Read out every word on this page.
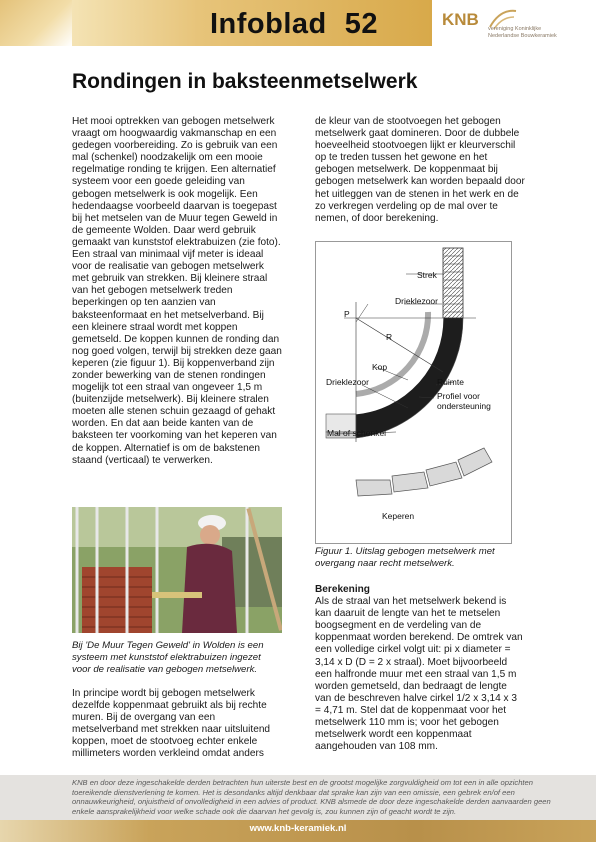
Infoblad 52	KNB vereniging Koninklijke
Nederlandse Bouwkeramiek
Rondingen in baksteenmetselwerk

Het mooi optrekken van gebogen metselwerk vraagt om hoogwaardig vakmanschap en een gedegen voorbereiding. Zo is gebruik van een mal (schenkel) noodzakelijk om een mooie regelmatige ronding te krijgen. Een alternatief systeem voor een goede geleiding van gebogen metselwerk is ook mogelijk. Een hedendaagse voorbeeld daarvan is toegepast bij het metselen van de Muur tegen Geweld in de gemeente Wolden. Daar werd gebruik gemaakt van kunststof elektrabuizen (zie foto). Een straal van minimaal vijf meter is ideaal voor de realisatie van gebogen metselwerk met gebruik van strekken. Bij kleinere straal van het gebogen metselwerk treden beperkingen op ten aanzien van baksteenformaat en het metselverband. Bij een kleinere straal wordt met koppen gemetseld. De koppen kunnen de ronding dan nog goed volgen, terwijl bij strekken deze gaan keperen (zie figuur 1). Bij koppenverband zijn zonder bewerking van de stenen rondingen mogelijk tot een straal van ongeveer 1,5 m (buitenzijde metselwerk). Bij kleinere stralen moeten alle stenen schuin gezaagd of gehakt worden. En dat aan beide kanten van de baksteen ter voorkoming van het keperen van de koppen. Alternatief is om de bakstenen staand (verticaal) te verwerken.

Bij 'De Muur Tegen Geweld' in Wolden is een systeem met kunststof elektrabuizen ingezet voor de realisatie van gebogen metselwerk.

In principe wordt bij gebogen metselwerk dezelfde koppenmaat gebruikt als bij rechte muren. Bij de overgang van een metselverband met strekken naar uitsluitend koppen, moet de stootvoeg echter enkele millimeters worden verkleind omdat anders

de kleur van de stootvoegen het gebogen metselwerk gaat domineren. Door de dubbele hoeveelheid stootvoegen lijkt er kleurverschil op te treden tussen het gewone en het gebogen metselwerk. De koppenmaat bij gebogen metselwerk kan worden bepaald door het uitleggen van de stenen in het werk en de zo verkregen verdeling op de mal over te nemen, of door berekening.

Strek
Drieklezoor
P
R
Kop
Drieklezoor	Ruimte
Profiel voor
ondersteuning
Mal of schenkel
Keperen
Figuur 1. Uitslag gebogen metselwerk met overgang naar recht metselwerk.
Berekening

Als de straal van het metselwerk bekend is kan daaruit de lengte van het te metselen boogsegment en de verdeling van de koppenmaat worden berekend. De omtrek van een volledige cirkel volgt uit: pi x diameter = 3,14 x D (D = 2 x straal). Moet bijvoorbeeld een halfronde muur met een straal van 1,5 m worden gemetseld, dan bedraagt de lengte van de beschreven halve cirkel 1/2 x 3,14 x 3 = 4,71 m. Stel dat de koppenmaat voor het metselwerk 110 mm is; voor het gebogen metselwerk wordt een koppenmaat aangehouden van 108 mm.

KNB en door deze ingeschakelde derden betrachten hun uiterste best en de grootst mogelijke zorgvuldigheid om tot een in alle opzichten toereikende dienstverlening te komen. Het is desondanks altijd denkbaar dat sprake kan zijn van een omissie, een gebrek en/of een onnauwkeurigheid, onjuistheid of onvolledigheid in een advies of product. KNB alsmede de door deze ingeschakelde derden aanvaarden geen enkele aansprakelijkheid voor welke schade ook die daarvan het gevolg is, zou kunnen zijn of geacht wordt te zijn.
www.knb-keramiek.nl
